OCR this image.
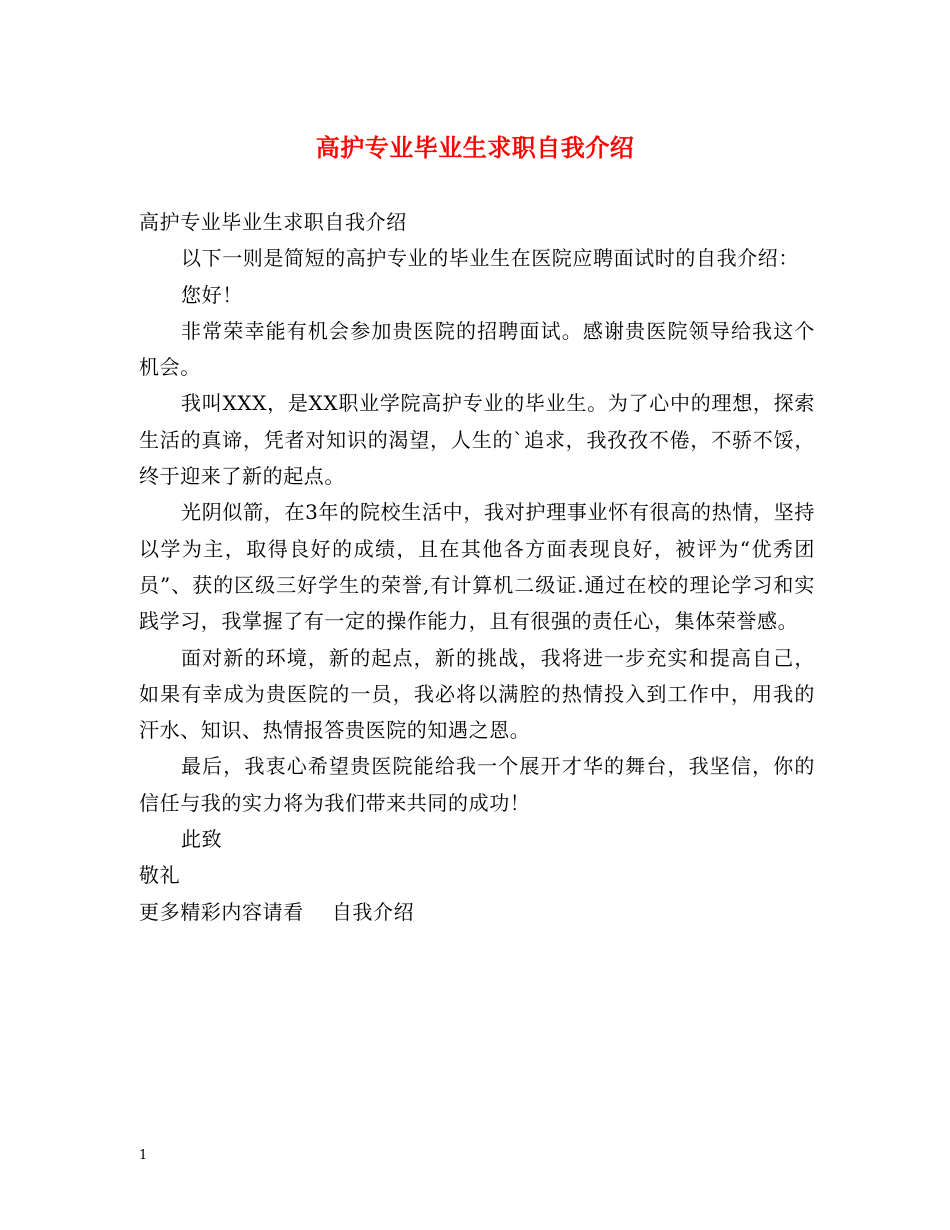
高护专业毕业生求职自我介绍

高护专业毕业生求职自我介绍

以下一则是简短的高护专业的毕业生在医院应聘面试时的自我介绍：

您好！

非常荣幸能有机会参加贵医院的招聘面试。感谢贵医院领导给我这个机会。

我叫XXX，是XX职业学院高护专业的毕业生。为了心中的理想，探索生活的真谛，凭者对知识的渴望，人生的`追求，我孜孜不倦，不骄不馁，终于迎来了新的起点。

光阴似箭，在3年的院校生活中，我对护理事业怀有很高的热情，坚持以学为主，取得良好的成绩，且在其他各方面表现良好，被评为“优秀团员”、获的区级三好学生的荣誉,有计算机二级证.通过在校的理论学习和实践学习，我掌握了有一定的操作能力，且有很强的责任心，集体荣誉感。

面对新的环境，新的起点，新的挑战，我将进一步充实和提高自己，如果有幸成为贵医院的一员，我必将以满腔的热情投入到工作中，用我的汗水、知识、热情报答贵医院的知遇之恩。

最后，我衷心希望贵医院能给我一个展开才华的舞台，我坚信，你的信任与我的实力将为我们带来共同的成功！

此致

敬礼

更多精彩内容请看 自我介绍

1
